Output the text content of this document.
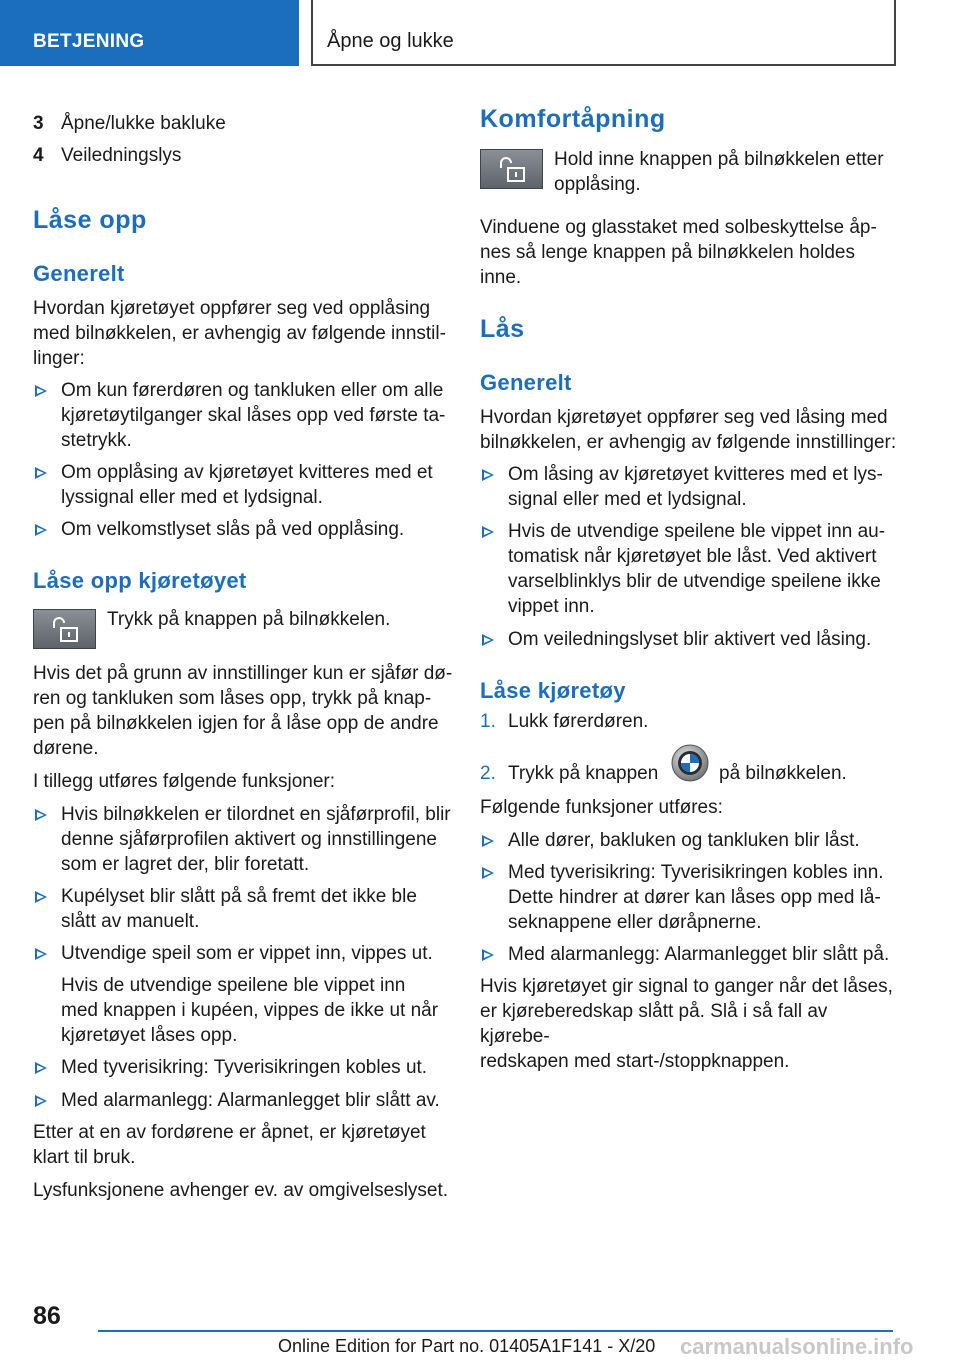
BETJENING	Åpne og lukke
3 Åpne/lukke bakluke
4 Veiledningslys
Låse opp
Generelt

Hvordan kjøretøyet oppfører seg ved opplåsing

med bilnøkkelen, er avhengig av følgende innstil-

linger:

Om kun førerdøren og tankluken eller om alle

kjøretøytilganger skal låses opp ved første ta-

stetrykk.

Om opplåsing av kjøretøyet kvitteres med et

lyssignal eller med et lydsignal.

Om velkomstlyset slås på ved opplåsing.

Låse opp kjøretøyet

Trykk på knappen på bilnøkkelen.

Hvis det på grunn av innstillinger kun er sjåfør dø-

ren og tankluken som låses opp, trykk på knap-

pen på bilnøkkelen igjen for å låse opp de andre

dørene.

I tillegg utføres følgende funksjoner:

Hvis bilnøkkelen er tilordnet en sjåførprofil, blir

denne sjåførprofilen aktivert og innstillingene

som er lagret der, blir foretatt.

Kupélyset blir slått på så fremt det ikke ble

slått av manuelt.

Utvendige speil som er vippet inn, vippes ut.

Hvis de utvendige speilene ble vippet inn

med knappen i kupéen, vippes de ikke ut når

kjøretøyet låses opp.

Med tyverisikring: Tyverisikringen kobles ut.

Med alarmanlegg: Alarmanlegget blir slått av.

Etter at en av fordørene er åpnet, er kjøretøyet

klart til bruk.

Lysfunksjonene avhenger ev. av omgivelseslyset.

Komfortåpning

Hold inne knappen på bilnøkkelen etter

opplåsing.

Vinduene og glasstaket med solbeskyttelse åp-

nes så lenge knappen på bilnøkkelen holdes

inne.

Lås
Generelt

Hvordan kjøretøyet oppfører seg ved låsing med

bilnøkkelen, er avhengig av følgende innstillinger:

Om låsing av kjøretøyet kvitteres med et lys-

signal eller med et lydsignal.

Hvis de utvendige speilene ble vippet inn au-

tomatisk når kjøretøyet ble låst. Ved aktivert

varselblinklys blir de utvendige speilene ikke

vippet inn.

Om veiledningslyset blir aktivert ved låsing.

Låse kjøretøy
1. Lukk førerdøren.
2. Trykk på knappen	på bilnøkkelen.

Følgende funksjoner utføres:

Alle dører, bakluken og tankluken blir låst.

Med tyverisikring: Tyverisikringen kobles inn.

Dette hindrer at dører kan låses opp med lå-

seknappene eller døråpnerne.

Med alarmanlegg: Alarmanlegget blir slått på.

Hvis kjøretøyet gir signal to ganger når det låses,

er kjøreberedskap slått på. Slå i så fall av kjørebe-

redskapen med start-/stoppknappen.

86
Online Edition for Part no. 01405A1F141 - X/20 carmanualsonline.info
